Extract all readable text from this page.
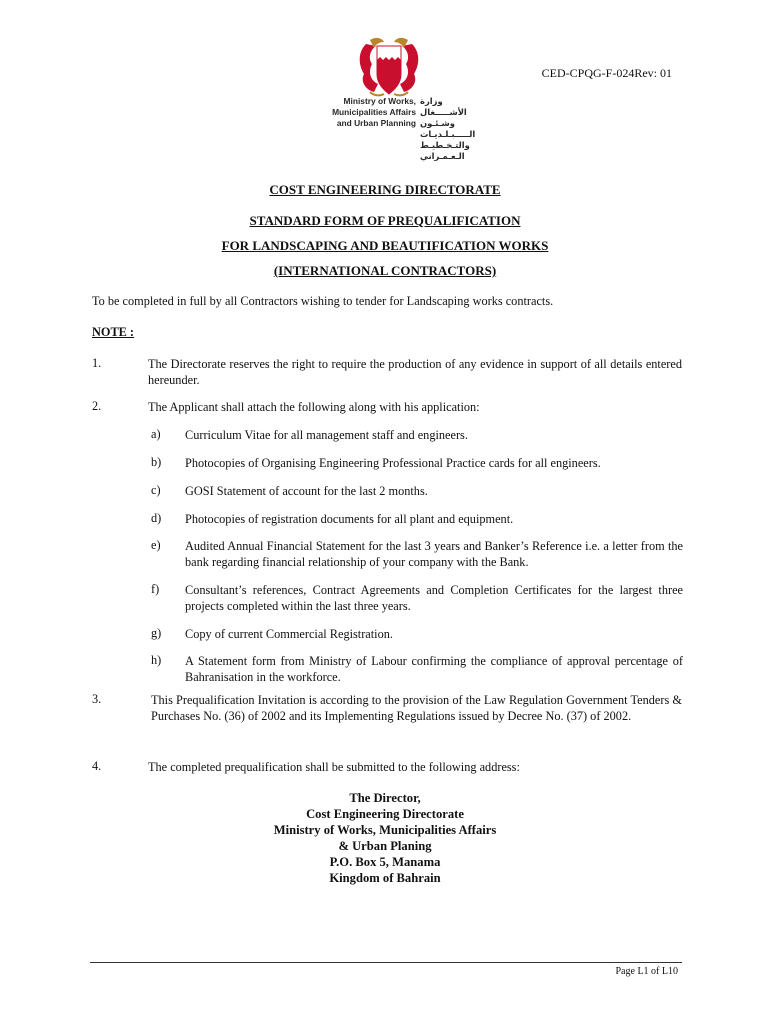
Ministry of Works,
Municipalities Affairs
and Urban Planning
وزارة الأشـــــغال
وشـئـون الـــــبـلـديـات
والتـخـطيـط الـعـمـراني
CED-CPQG-F-024Rev: 01
COST ENGINEERING DIRECTORATE
STANDARD FORM OF PREQUALIFICATION
FOR LANDSCAPING AND BEAUTIFICATION WORKS
(INTERNATIONAL CONTRACTORS)
To be completed in full by all Contractors wishing to tender for Landscaping works contracts.
NOTE :
1.	The Directorate reserves the right to require the production of any evidence in support of all details entered hereunder.
2.	The Applicant shall attach the following along with his application:
a) Curriculum Vitae for all management staff and engineers.
b) Photocopies of Organising Engineering Professional Practice cards for all engineers.
c) GOSI Statement of account for the last 2 months.
d) Photocopies of registration documents for all plant and equipment.
e) Audited Annual Financial Statement for the last 3 years and Banker’s Reference i.e. a letter from the bank regarding financial relationship of your company with the Bank.
f) Consultant’s references, Contract Agreements and Completion Certificates for the largest three projects completed within the last three years.
g) Copy of current Commercial Registration.
h) A Statement form from Ministry of Labour confirming the compliance of approval percentage of Bahranisation in the workforce.
3.	This Prequalification Invitation is according to the provision of the Law Regulation Government Tenders & Purchases No. (36) of 2002 and its Implementing Regulations issued by Decree No. (37) of 2002.
4.	The completed prequalification shall be submitted to the following address:
The Director,
Cost Engineering Directorate
Ministry of Works, Municipalities Affairs
& Urban Planing
P.O. Box 5, Manama
Kingdom of Bahrain
Page L1 of L10
